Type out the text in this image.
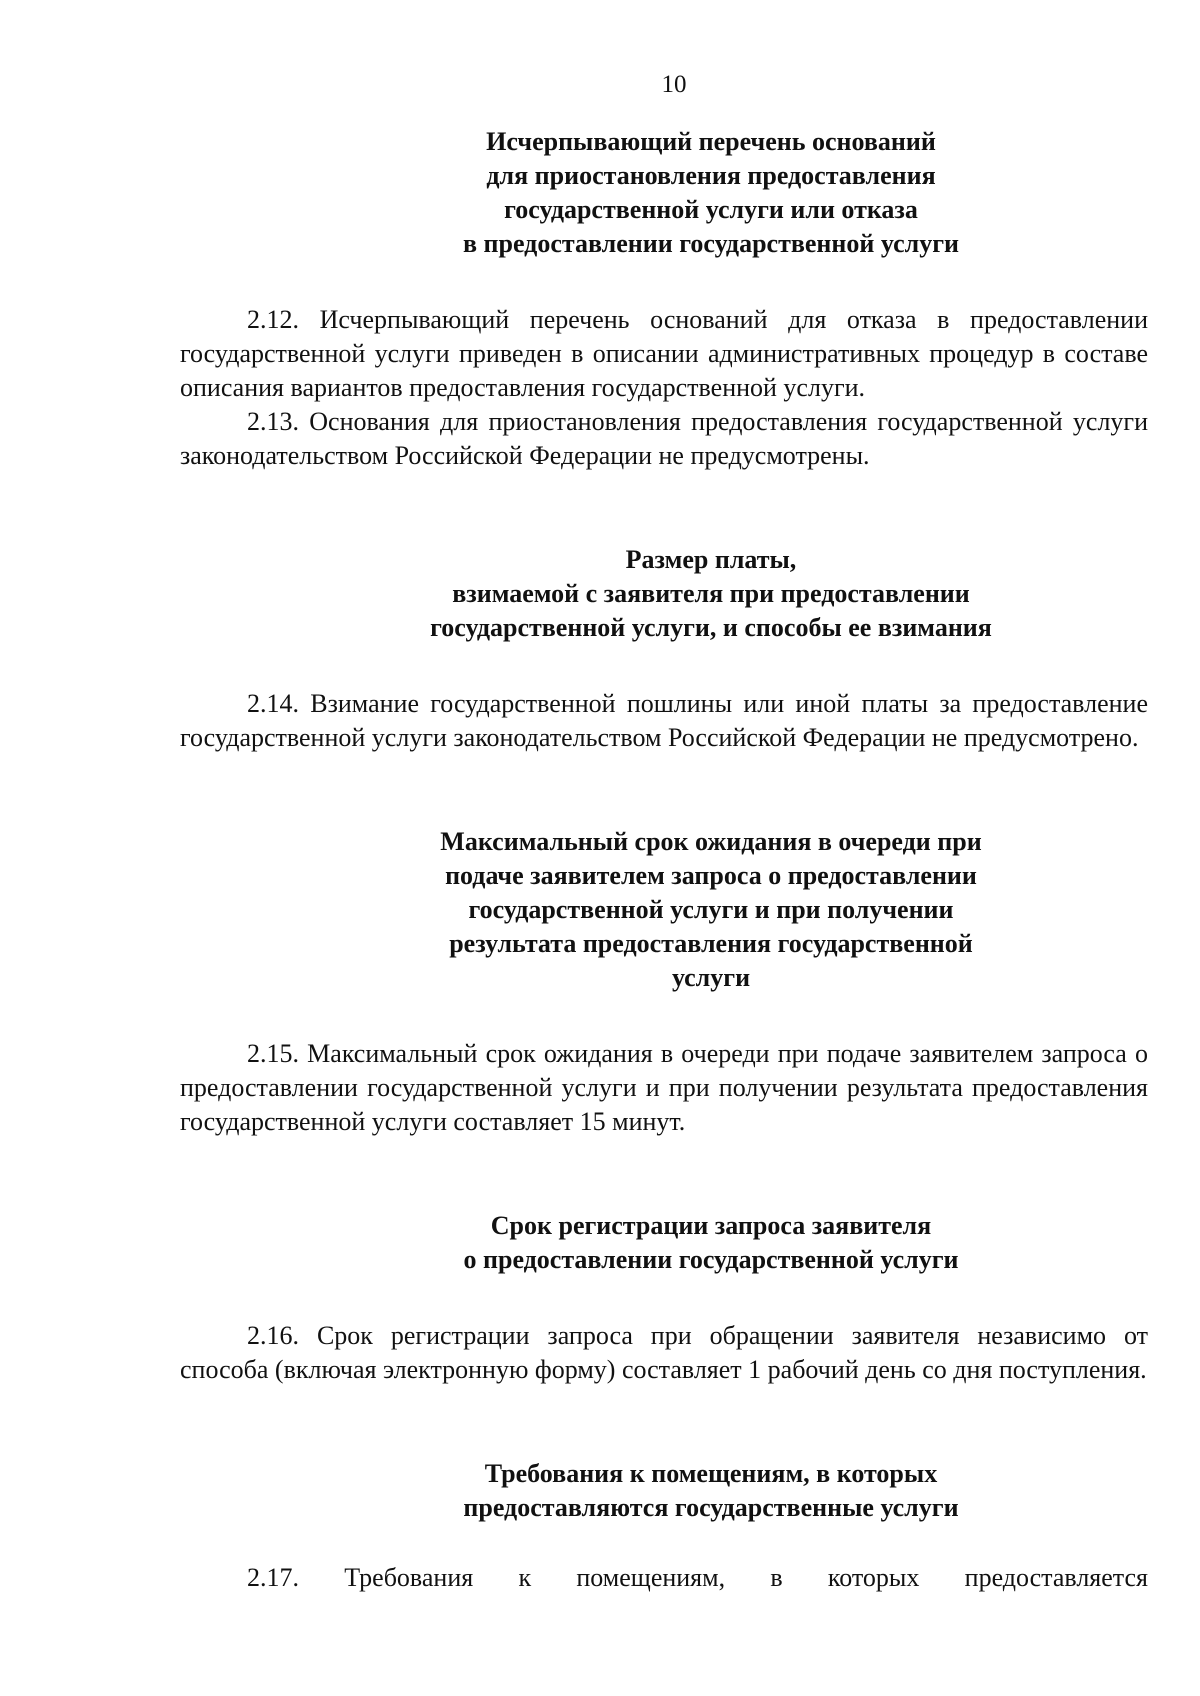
10
Исчерпывающий перечень оснований
для приостановления предоставления
государственной услуги или отказа
в предоставлении государственной услуги

2.12. Исчерпывающий перечень оснований для отказа в предоставлении государственной услуги приведен в описании административных процедур в составе описания вариантов предоставления государственной услуги.

2.13. Основания для приостановления предоставления государственной услуги законодательством Российской Федерации не предусмотрены.

Размер платы,
взимаемой с заявителя при предоставлении
государственной услуги, и способы ее взимания

2.14. Взимание государственной пошлины или иной платы за предоставление государственной услуги законодательством Российской Федерации не предусмотрено.

Максимальный срок ожидания в очереди при
подаче заявителем запроса о предоставлении
государственной услуги и при получении
результата предоставления государственной
услуги

2.15. Максимальный срок ожидания в очереди при подаче заявителем запроса о предоставлении государственной услуги и при получении результата предоставления государственной услуги составляет 15 минут.

Срок регистрации запроса заявителя
о предоставлении государственной услуги

2.16. Срок регистрации запроса при обращении заявителя независимо от способа (включая электронную форму) составляет 1 рабочий день со дня поступления.

Требования к помещениям, в которых
предоставляются государственные услуги

2.17. Требования к помещениям, в которых предоставляется
